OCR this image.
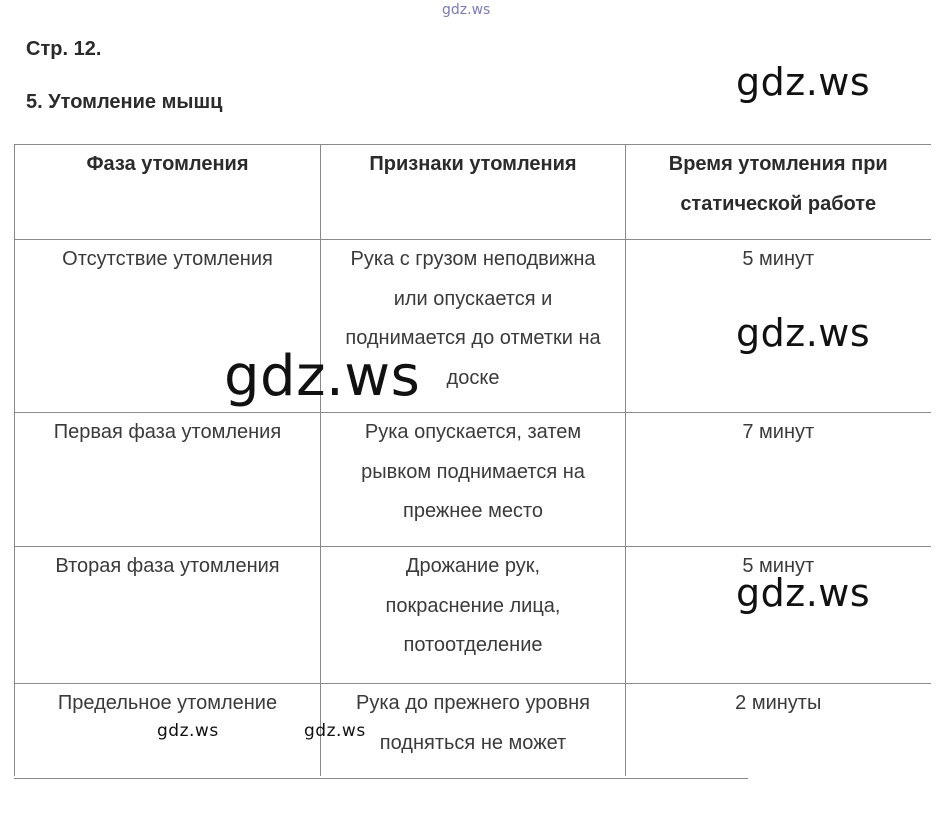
gdz.ws
Стр. 12.
5. Утомление мышц
Фаза утомления	Признаки утомления	Время утомления при статической работе
Отсутствие утомления	Рука с грузом неподвижна или опускается и поднимается до отметки на доске	5 минут
Первая фаза утомления	Рука опускается, затем рывком поднимается на прежнее место	7 минут
Вторая фаза утомления	Дрожание рук, покраснение лица, потоотделение	5 минут
Предельное утомление	Рука до прежнего уровня подняться не может	2 минуты
gdz.ws
gdz.ws
gdz.ws
gdz.ws
gdz.ws	gdz.ws
